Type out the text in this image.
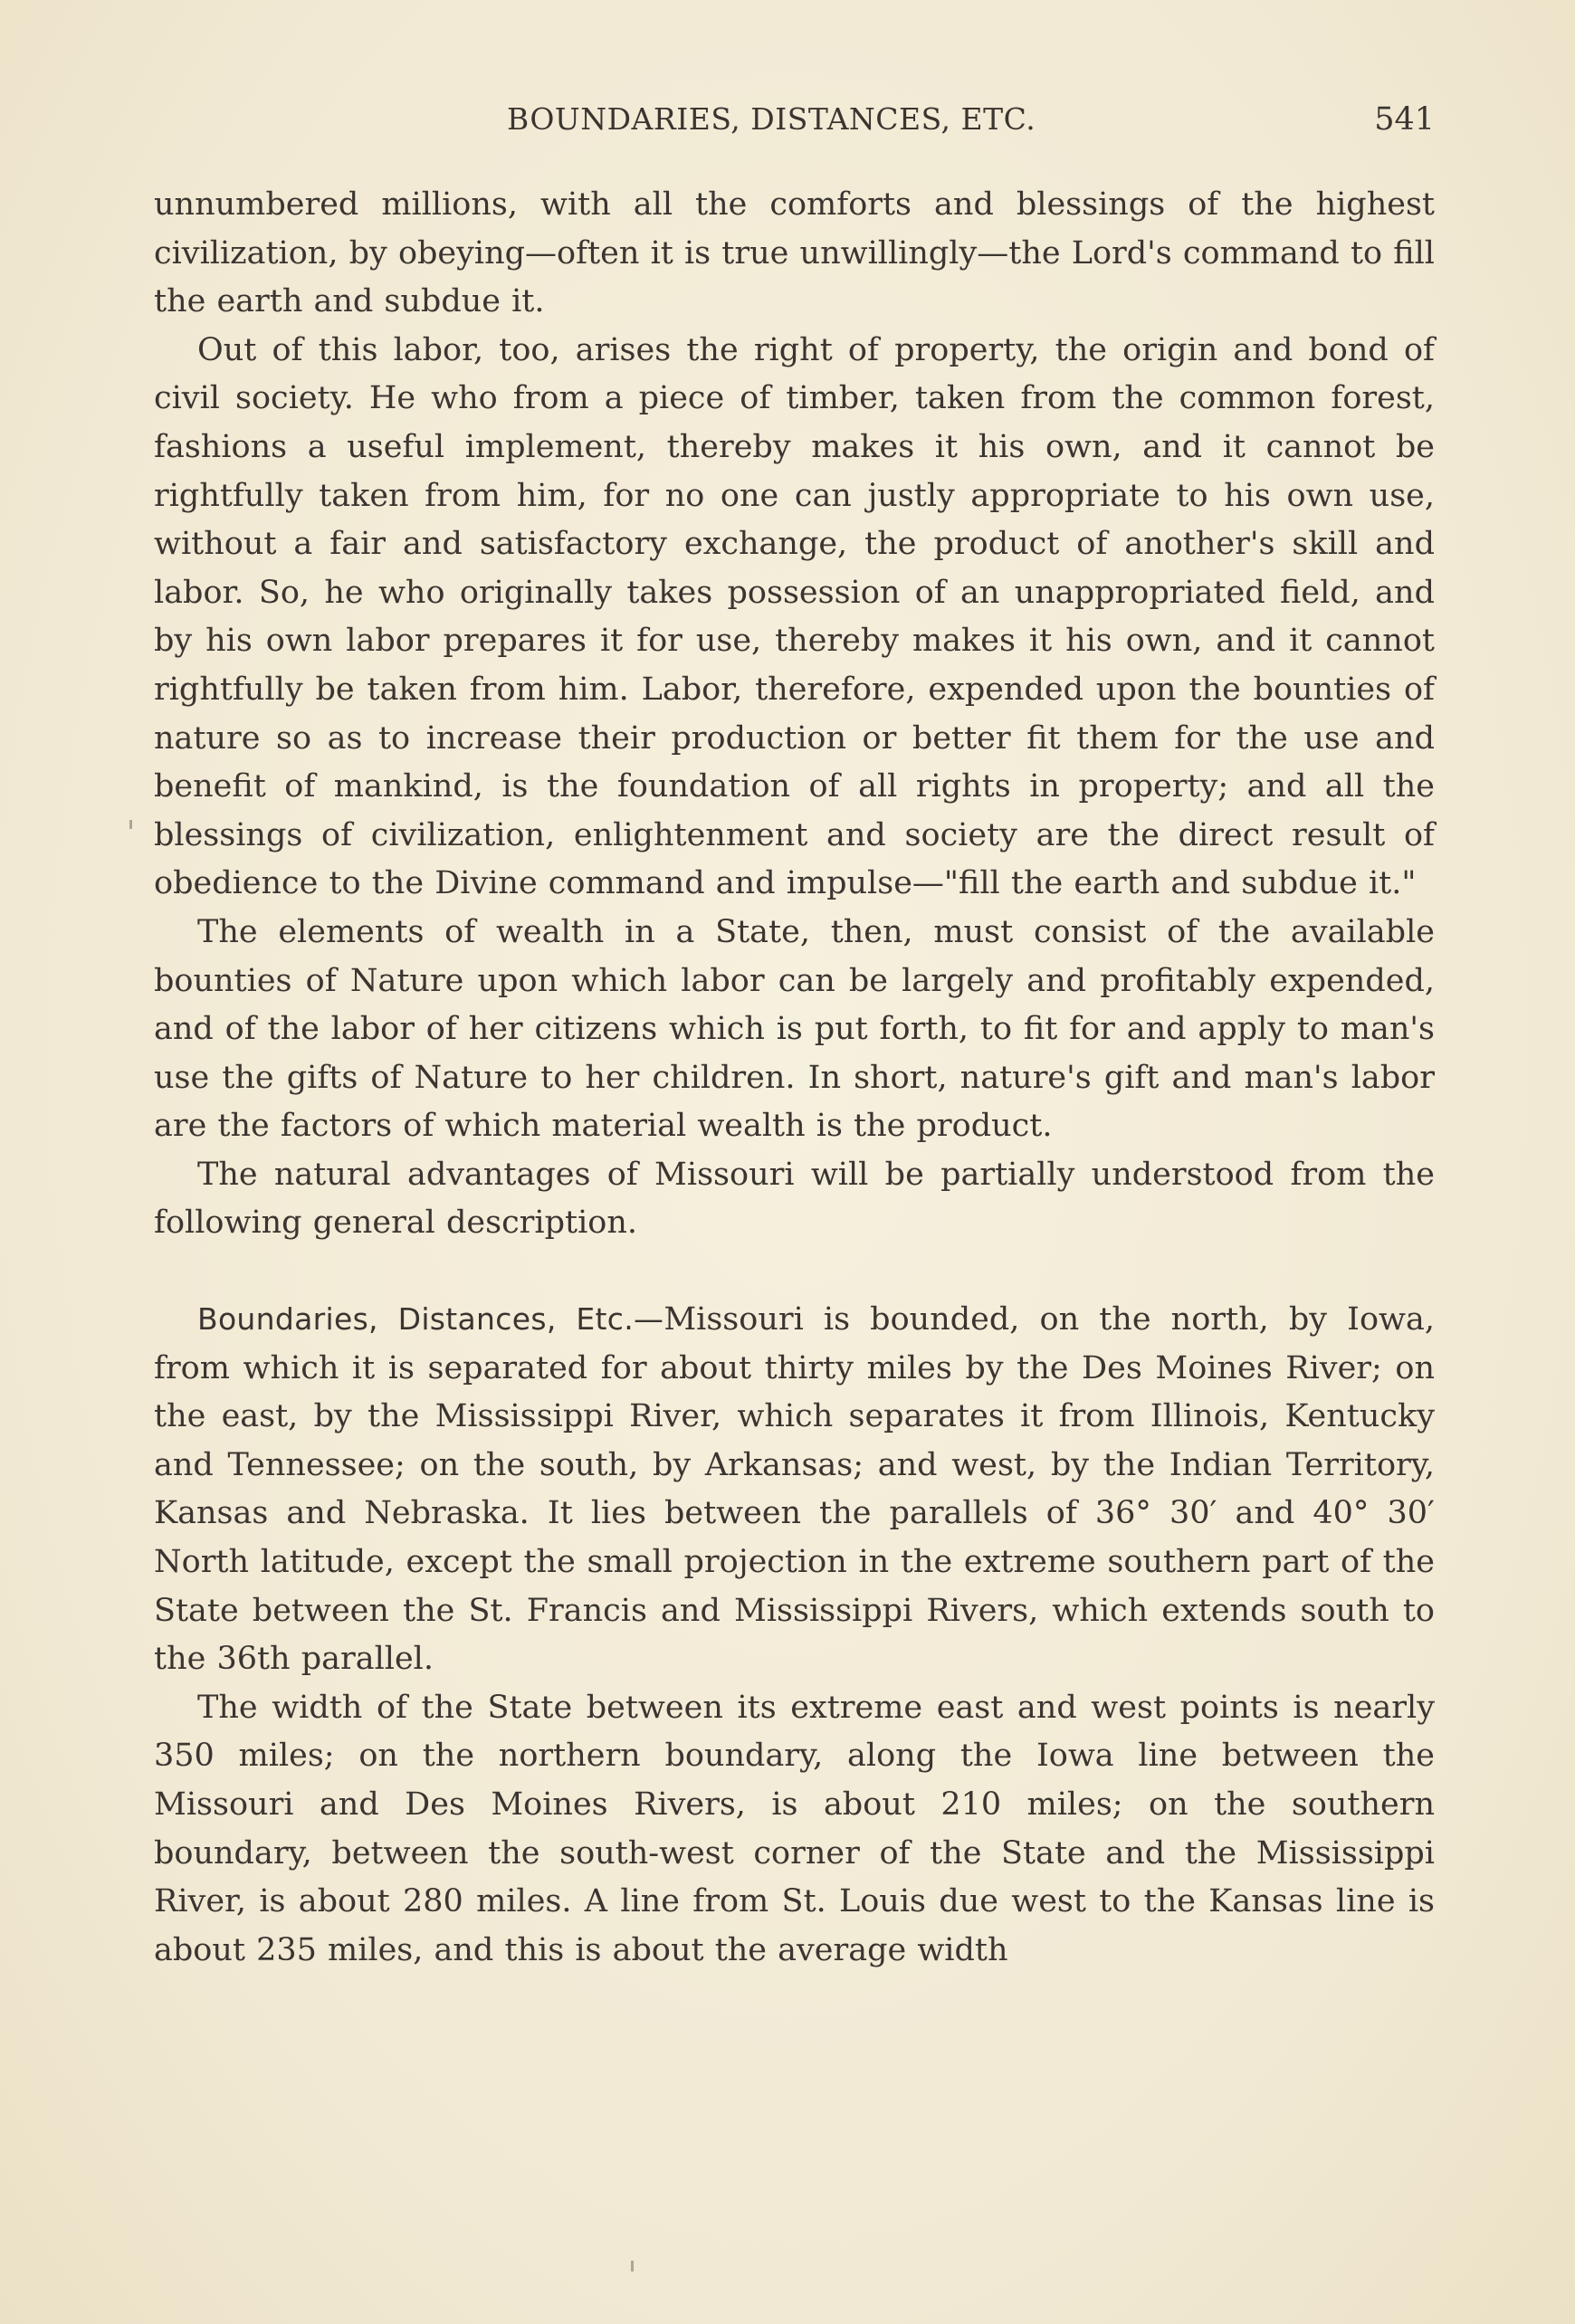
BOUNDARIES, DISTANCES, ETC.	541

unnumbered millions, with all the comforts and blessings of the highest civilization, by obeying—often it is true unwillingly—the Lord's command to fill the earth and subdue it.

Out of this labor, too, arises the right of property, the origin and bond of civil society. He who from a piece of timber, taken from the common forest, fashions a useful implement, thereby makes it his own, and it cannot be rightfully taken from him, for no one can justly appropriate to his own use, without a fair and satisfactory exchange, the product of another's skill and labor. So, he who originally takes possession of an unappropriated field, and by his own labor prepares it for use, thereby makes it his own, and it cannot rightfully be taken from him. Labor, therefore, expended upon the bounties of nature so as to increase their production or better fit them for the use and benefit of mankind, is the foundation of all rights in property; and all the blessings of civilization, enlightenment and society are the direct result of obedience to the Divine command and impulse—"fill the earth and subdue it."

The elements of wealth in a State, then, must consist of the available bounties of Nature upon which labor can be largely and profitably expended, and of the labor of her citizens which is put forth, to fit for and apply to man's use the gifts of Nature to her children. In short, nature's gift and man's labor are the factors of which material wealth is the product.

The natural advantages of Missouri will be partially understood from the following general description.

Boundaries, Distances, Etc.—Missouri is bounded, on the north, by Iowa, from which it is separated for about thirty miles by the Des Moines River; on the east, by the Mississippi River, which separates it from Illinois, Kentucky and Tennessee; on the south, by Arkansas; and west, by the Indian Territory, Kansas and Nebraska. It lies between the parallels of 36° 30′ and 40° 30′ North latitude, except the small projection in the extreme southern part of the State between the St. Francis and Mississippi Rivers, which extends south to the 36th parallel.

The width of the State between its extreme east and west points is nearly 350 miles; on the northern boundary, along the Iowa line between the Missouri and Des Moines Rivers, is about 210 miles; on the southern boundary, between the south-west corner of the State and the Mississippi River, is about 280 miles. A line from St. Louis due west to the Kansas line is about 235 miles, and this is about the average width
